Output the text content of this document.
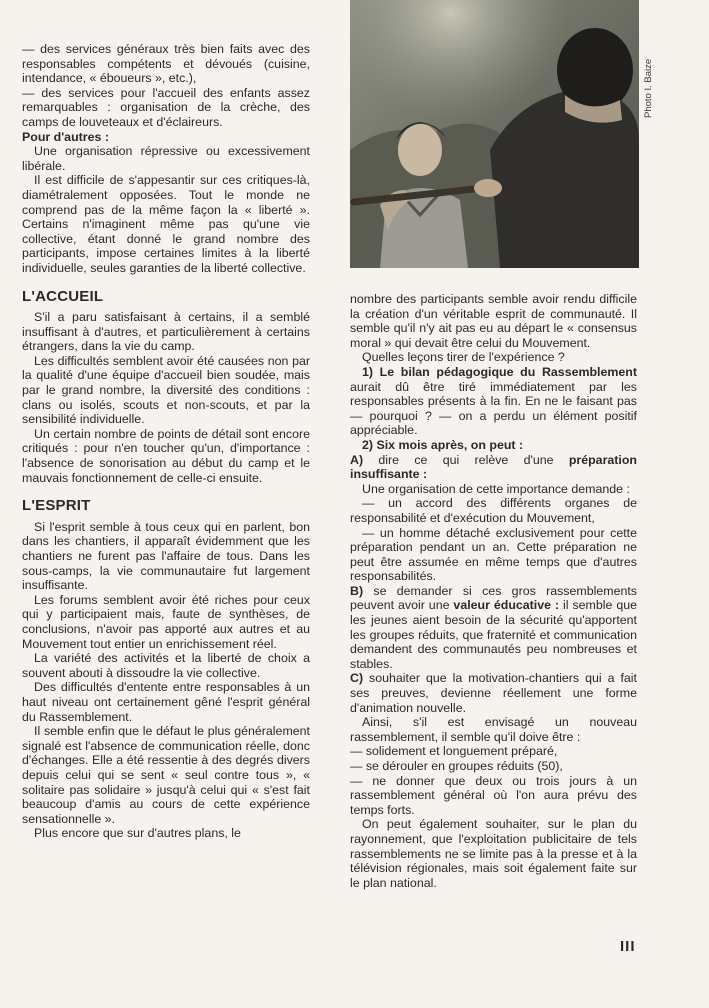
Photo I. Baize

— des services généraux très bien faits avec des responsables compétents et dévoués (cuisine, intendance, « éboueurs », etc.),

— des services pour l'accueil des enfants assez remarquables : organisation de la crèche, des camps de louveteaux et d'éclaireurs.

Pour d'autres :

Une organisation répressive ou excessivement libérale.

Il est difficile de s'appesantir sur ces critiques-là, diamétralement opposées. Tout le monde ne comprend pas de la même façon la « liberté ». Certains n'imaginent même pas qu'une vie collective, étant donné le grand nombre des participants, impose certaines limites à la liberté individuelle, seules garanties de la liberté collective.

L'ACCUEIL

S'il a paru satisfaisant à certains, il a semblé insuffisant à d'autres, et particulièrement à certains étrangers, dans la vie du camp.

Les difficultés semblent avoir été causées non par la qualité d'une équipe d'accueil bien soudée, mais par le grand nombre, la diversité des conditions : clans ou isolés, scouts et non-scouts, et par la sensibilité individuelle.

Un certain nombre de points de détail sont encore critiqués : pour n'en toucher qu'un, d'importance : l'absence de sonorisation au début du camp et le mauvais fonctionnement de celle-ci ensuite.

L'ESPRIT

Si l'esprit semble à tous ceux qui en parlent, bon dans les chantiers, il apparaît évidemment que les chantiers ne furent pas l'affaire de tous. Dans les sous-camps, la vie communautaire fut largement insuffisante.

Les forums semblent avoir été riches pour ceux qui y participaient mais, faute de synthèses, de conclusions, n'avoir pas apporté aux autres et au Mouvement tout entier un enrichissement réel.

La variété des activités et la liberté de choix a souvent abouti à dissoudre la vie collective.

Des difficultés d'entente entre responsables à un haut niveau ont certainement gêné l'esprit général du Rassemblement.

Il semble enfin que le défaut le plus généralement signalé est l'absence de communication réelle, donc d'échanges. Elle a été ressentie à des degrés divers depuis celui qui se sent « seul contre tous », « solitaire pas solidaire » jusqu'à celui qui « s'est fait beaucoup d'amis au cours de cette expérience sensationnelle ».

Plus encore que sur d'autres plans, le

nombre des participants semble avoir rendu difficile la création d'un véritable esprit de communauté. Il semble qu'il n'y ait pas eu au départ le « consensus moral » qui devait être celui du Mouvement.

Quelles leçons tirer de l'expérience ?

1) Le bilan pédagogique du Rassemblement aurait dû être tiré immédiatement par les responsables présents à la fin. En ne le faisant pas — pourquoi ? — on a perdu un élément positif appréciable.

2) Six mois après, on peut :

A) dire ce qui relève d'une préparation insuffisante :

Une organisation de cette importance demande :

— un accord des différents organes de responsabilité et d'exécution du Mouvement,

— un homme détaché exclusivement pour cette préparation pendant un an. Cette préparation ne peut être assumée en même temps que d'autres responsabilités.

B) se demander si ces gros rassemblements peuvent avoir une valeur éducative : il semble que les jeunes aient besoin de la sécurité qu'apportent les groupes réduits, que fraternité et communication demandent des communautés peu nombreuses et stables.

C) souhaiter que la motivation-chantiers qui a fait ses preuves, devienne réellement une forme d'animation nouvelle.

Ainsi, s'il est envisagé un nouveau rassemblement, il semble qu'il doive être :

— solidement et longuement préparé,

— se dérouler en groupes réduits (50),

— ne donner que deux ou trois jours à un rassemblement général où l'on aura prévu des temps forts.

On peut également souhaiter, sur le plan du rayonnement, que l'exploitation publicitaire de tels rassemblements ne se limite pas à la presse et à la télévision régionales, mais soit également faite sur le plan national.

III
